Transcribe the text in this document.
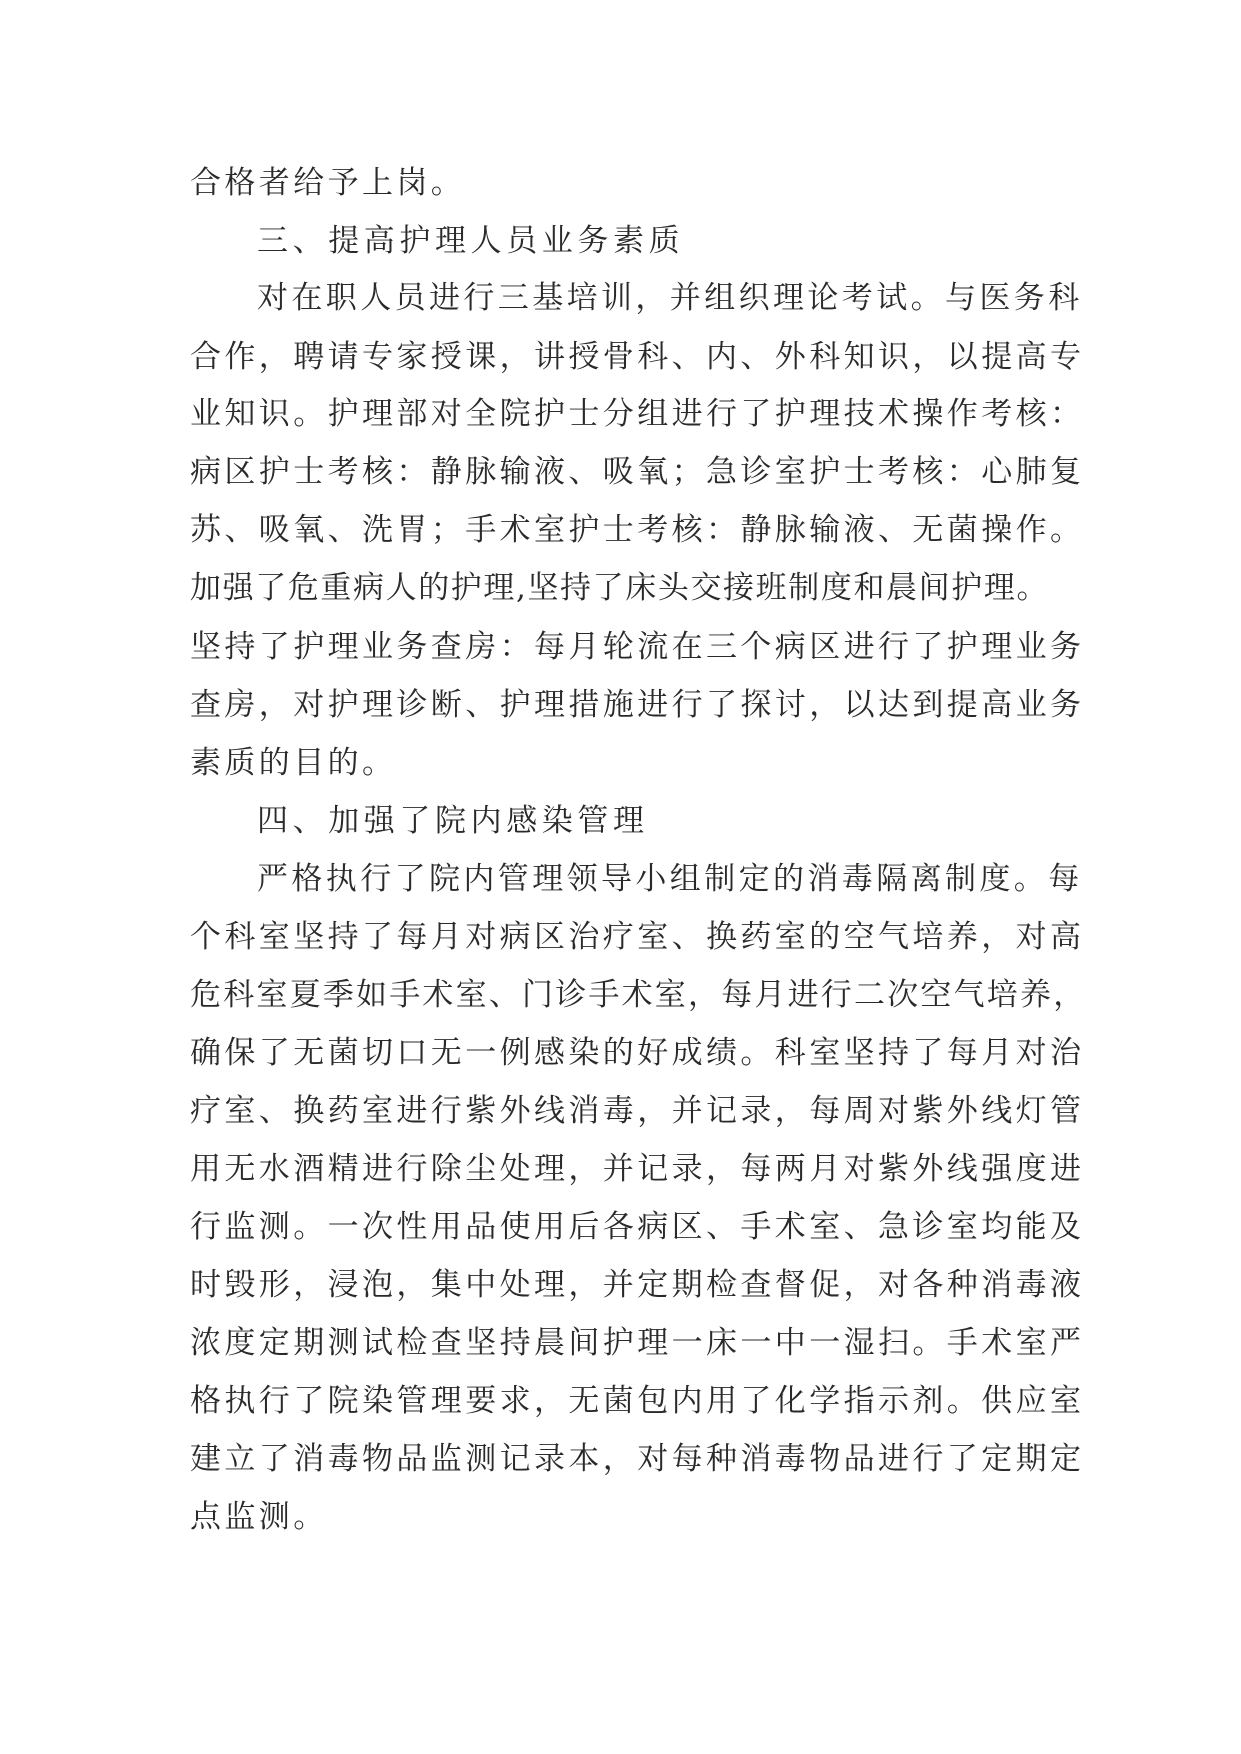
合格者给予上岗。
三、提高护理人员业务素质
对在职人员进行三基培训，并组织理论考试。与医务科
合作，聘请专家授课，讲授骨科、内、外科知识，以提高专
业知识。护理部对全院护士分组进行了护理技术操作考核：
病区护士考核：静脉输液、吸氧；急诊室护士考核：心肺复
苏、吸氧、洗胃；手术室护士考核：静脉输液、无菌操作。
加强了危重病人的护理,坚持了床头交接班制度和晨间护理。
坚持了护理业务查房：每月轮流在三个病区进行了护理业务
查房，对护理诊断、护理措施进行了探讨，以达到提高业务
素质的目的。
四、加强了院内感染管理
严格执行了院内管理领导小组制定的消毒隔离制度。每
个科室坚持了每月对病区治疗室、换药室的空气培养，对高
危科室夏季如手术室、门诊手术室，每月进行二次空气培养，
确保了无菌切口无一例感染的好成绩。科室坚持了每月对治
疗室、换药室进行紫外线消毒，并记录，每周对紫外线灯管
用无水酒精进行除尘处理，并记录，每两月对紫外线强度进
行监测。一次性用品使用后各病区、手术室、急诊室均能及
时毁形，浸泡，集中处理，并定期检查督促，对各种消毒液
浓度定期测试检查坚持晨间护理一床一中一湿扫。手术室严
格执行了院染管理要求，无菌包内用了化学指示剂。供应室
建立了消毒物品监测记录本，对每种消毒物品进行了定期定
点监测。
